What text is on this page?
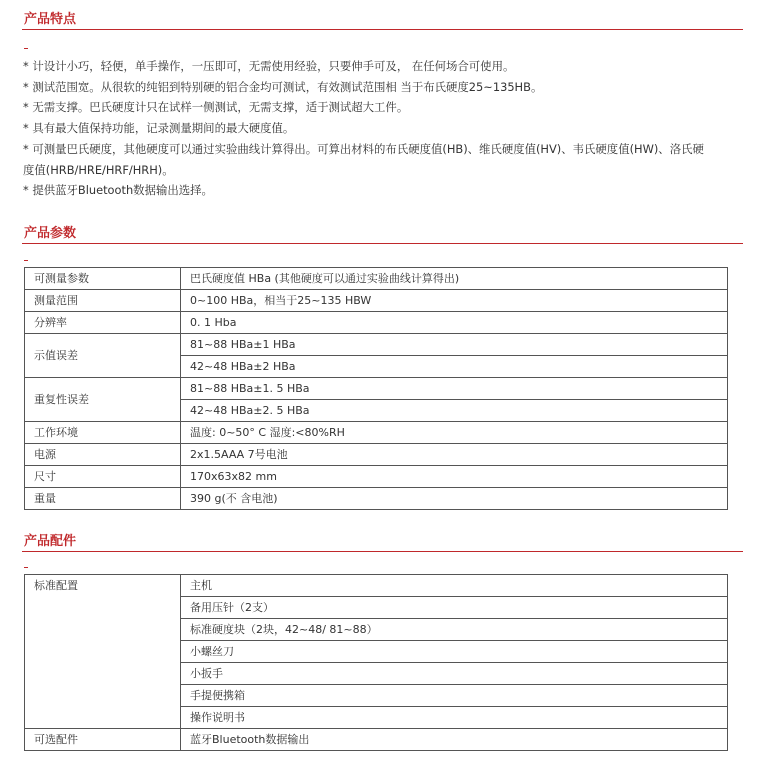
产品特点
* 计设计小巧，轻便，单手操作，一压即可，无需使用经验，只要伸手可及， 在任何场合可使用。
* 测试范围宽。从很软的纯铝到特别硬的铝合金均可测试，有效测试范围相 当于布氏硬度25~135HB。
* 无需支撑。巴氏硬度计只在试样一侧测试，无需支撑，适于测试超大工件。
* 具有最大值保持功能，记录测量期间的最大硬度值。
* 可测量巴氏硬度，其他硬度可以通过实验曲线计算得出。可算出材料的布氏硬度值(HB)、维氏硬度值(HV)、韦氏硬度值(HW)、洛氏硬
度值(HRB/HRE/HRF/HRH)。
* 提供蓝牙Bluetooth数据输出选择。
产品参数
可测量参数	巴氏硬度值 HBa (其他硬度可以通过实验曲线计算得出)
测量范围	0~100 HBa，相当于25~135 HBW
分辨率	0. 1 Hba
示值误差	81~88 HBa±1 HBa
	42~48 HBa±2 HBa
重复性误差	81~88 HBa±1. 5 HBa
	42~48 HBa±2. 5 HBa
工作环境	温度: 0~50° C 湿度:<80%RH
电源	2x1.5AAA 7号电池
尺寸	170x63x82 mm
重量	390 g(不 含电池)
产品配件
标准配置	主机
	备用压针（2支）
	标准硬度块（2块，42~48/ 81~88）
	小螺丝刀
	小扳手
	手提便携箱
	操作说明书
可选配件	蓝牙Bluetooth数据输出
